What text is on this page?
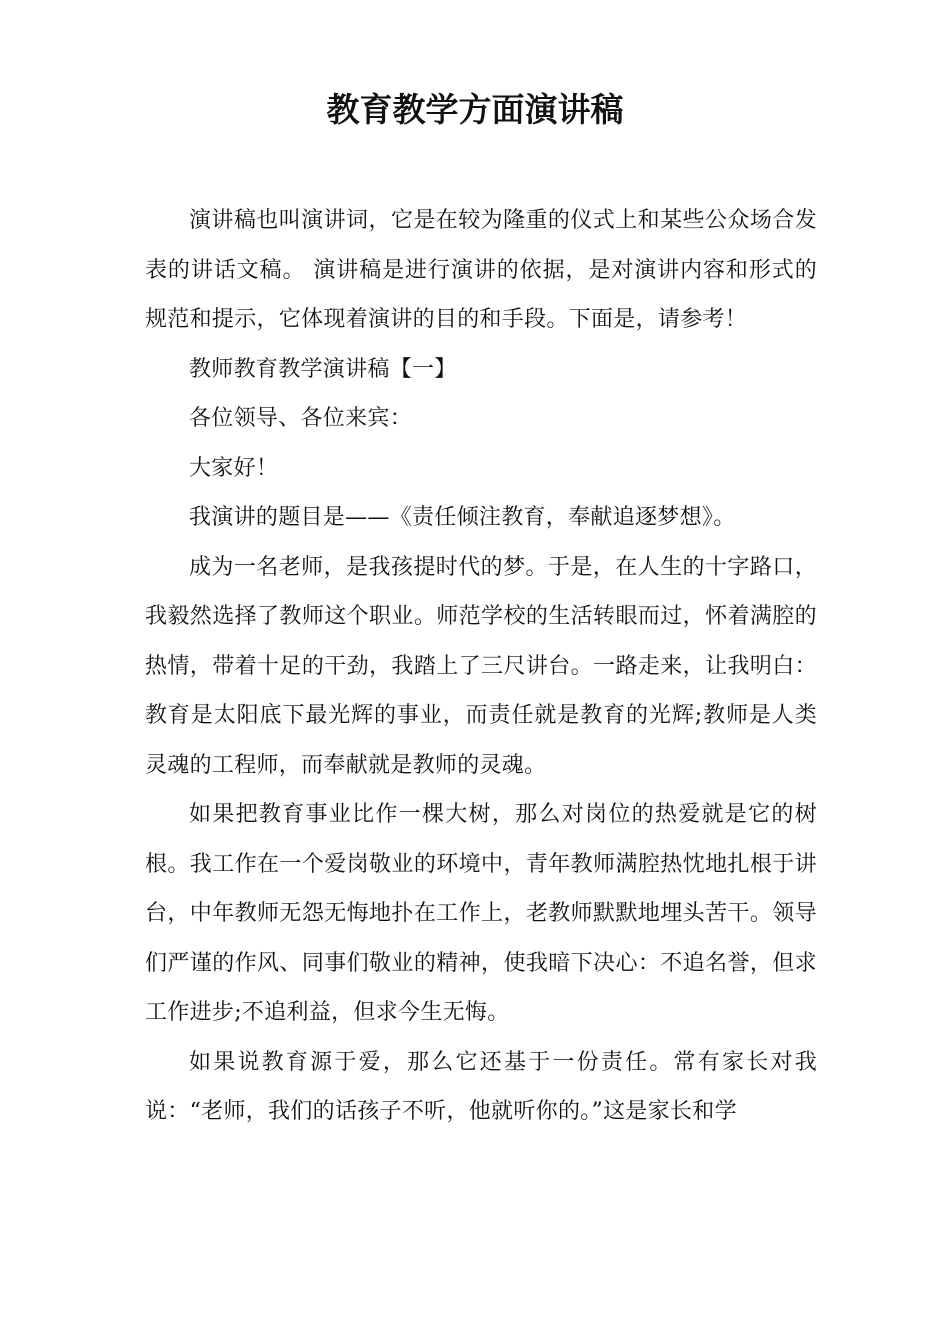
教育教学方面演讲稿

演讲稿也叫演讲词，它是在较为隆重的仪式上和某些公众场合发表的讲话文稿。 演讲稿是进行演讲的依据，是对演讲内容和形式的规范和提示，它体现着演讲的目的和手段。下面是，请参考！

教师教育教学演讲稿【一】

各位领导、各位来宾：

大家好！

我演讲的题目是——《责任倾注教育，奉献追逐梦想》。

成为一名老师，是我孩提时代的梦。于是，在人生的十字路口，我毅然选择了教师这个职业。师范学校的生活转眼而过，怀着满腔的热情，带着十足的干劲，我踏上了三尺讲台。一路走来，让我明白：教育是太阳底下最光辉的事业，而责任就是教育的光辉;教师是人类灵魂的工程师，而奉献就是教师的灵魂。

如果把教育事业比作一棵大树，那么对岗位的热爱就是它的树根。我工作在一个爱岗敬业的环境中，青年教师满腔热忱地扎根于讲台，中年教师无怨无悔地扑在工作上，老教师默默地埋头苦干。领导们严谨的作风、同事们敬业的精神，使我暗下决心：不追名誉，但求工作进步;不追利益，但求今生无悔。

如果说教育源于爱，那么它还基于一份责任。常有家长对我说：“老师，我们的话孩子不听，他就听你的。”这是家长和学
